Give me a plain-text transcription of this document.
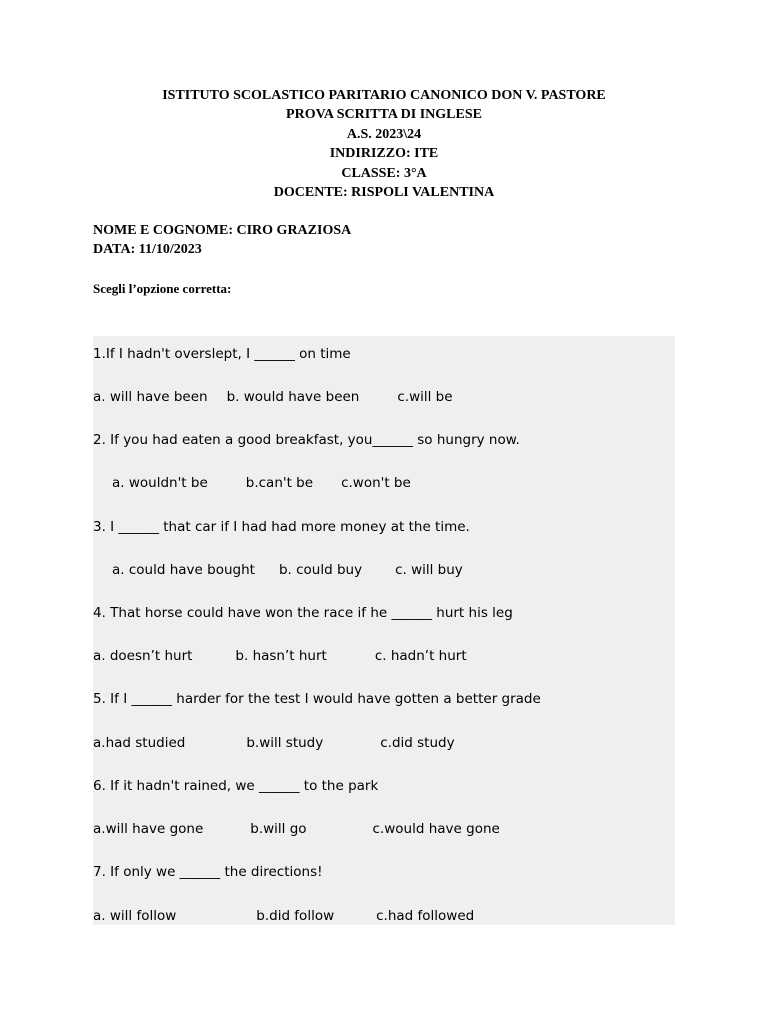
ISTITUTO SCOLASTICO PARITARIO CANONICO DON V. PASTORE
PROVA SCRITTA DI INGLESE
A.S. 2023\24
INDIRIZZO: ITE
CLASSE: 3°A
DOCENTE: RISPOLI VALENTINA
NOME E COGNOME: CIRO GRAZIOSA
DATA: 11/10/2023
Scegli l’opzione corretta:
1.If I hadn't overslept, I ______ on time
a. will have been b. would have been	c.will be
2. If you had eaten a good breakfast, you______ so hungry now.
a. wouldn't be	b.can't be c.won't be
3. I ______ that car if I had had more money at the time.
a. could have bought b. could buy c. will buy
4. That horse could have won the race if he ______ hurt his leg
a. doesn’t hurt	b. hasn’t hurt	c. hadn’t hurt
5. If I ______ harder for the test I would have gotten a better grade
a.had studied	b.will study	c.did study
6. If it hadn't rained, we ______ to the park
a.will have gone	b.will go	c.would have gone
7. If only we ______ the directions!
a. will follow	b.did follow	c.had followed
